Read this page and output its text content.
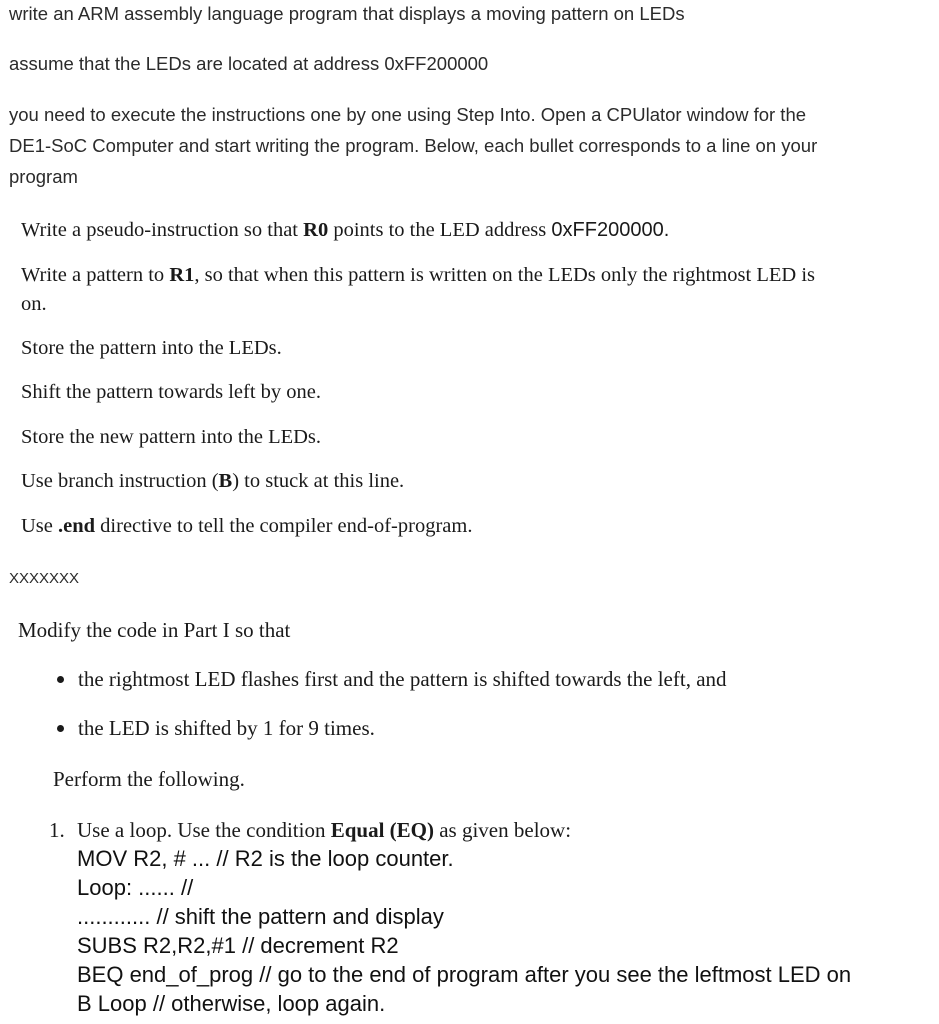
write an ARM assembly language program that displays a moving pattern on LEDs
assume that the LEDs are located at address 0xFF200000
you need to execute the instructions one by one using Step Into. Open a CPUlator window for the
DE1-SoC Computer and start writing the program. Below, each bullet corresponds to a line on your
program
Write a pseudo-instruction so that R0 points to the LED address 0xFF200000.
Write a pattern to R1, so that when this pattern is written on the LEDs only the rightmost LED is
on.
Store the pattern into the LEDs.
Shift the pattern towards left by one.
Store the new pattern into the LEDs.
Use branch instruction (B) to stuck at this line.
Use .end directive to tell the compiler end-of-program.
XXXXXXX
Modify the code in Part I so that
the rightmost LED flashes first and the pattern is shifted towards the left, and
the LED is shifted by 1 for 9 times.
Perform the following.
1. Use a loop. Use the condition Equal (EQ) as given below:
MOV R2, # ... // R2 is the loop counter.
Loop: ...... //
............ // shift the pattern and display
SUBS R2,R2,#1 // decrement R2
BEQ end_of_prog // go to the end of program after you see the leftmost LED on
B Loop // otherwise, loop again.
